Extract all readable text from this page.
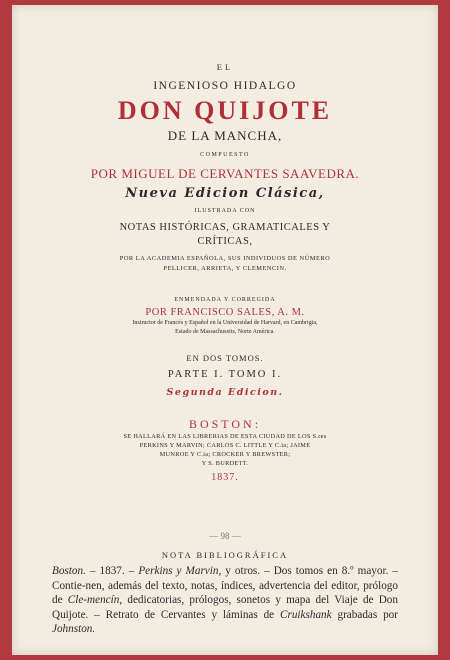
EL
INGENIOSO HIDALGO
DON QUIJOTE
DE LA MANCHA,
COMPUESTO
POR MIGUEL DE CERVANTES SAAVEDRA.
Nueva Edicion Clásica,
ILUSTRADA CON
NOTAS HISTÓRICAS, GRAMATICALES Y
CRÍTICAS,
POR LA ACADEMIA ESPAÑOLA, SUS INDIVIDUOS DE NÚMERO
PELLICER, ARRIETA, Y CLEMENCIN.
ENMENDADA Y CORREGIDA
POR FRANCISCO SALES, A. M.
Instructor de Francés y Español en la Universidad de Harvard, en Cambrigia,
Estado de Massachusetts, Norte América.
EN DOS TOMOS.
PARTE I. TOMO I.
Segunda Edicion.
BOSTON:
SE HALLARÁ EN LAS LIBRERIAS DE ESTA CIUDAD DE LOS S.res
PERKINS Y MARVIN; CARLOS C. LITTLE Y C.ia; JAIME
MUNROE Y C.ia; CROCKER Y BREWSTER;
Y S. BURDETT.
1837.
— 98 —
NOTA BIBLIOGRÁFICA
Boston. – 1837. – Perkins y Marvin, y otros. – Dos tomos en 8.º mayor. – Contie-nen, además del texto, notas, índices, advertencia del editor, prólogo de Cle-mencín, dedicatorias, prólogos, sonetos y mapa del Viaje de Don Quijote. – Retrato de Cervantes y láminas de Cruikshank grabadas por Johnston.
